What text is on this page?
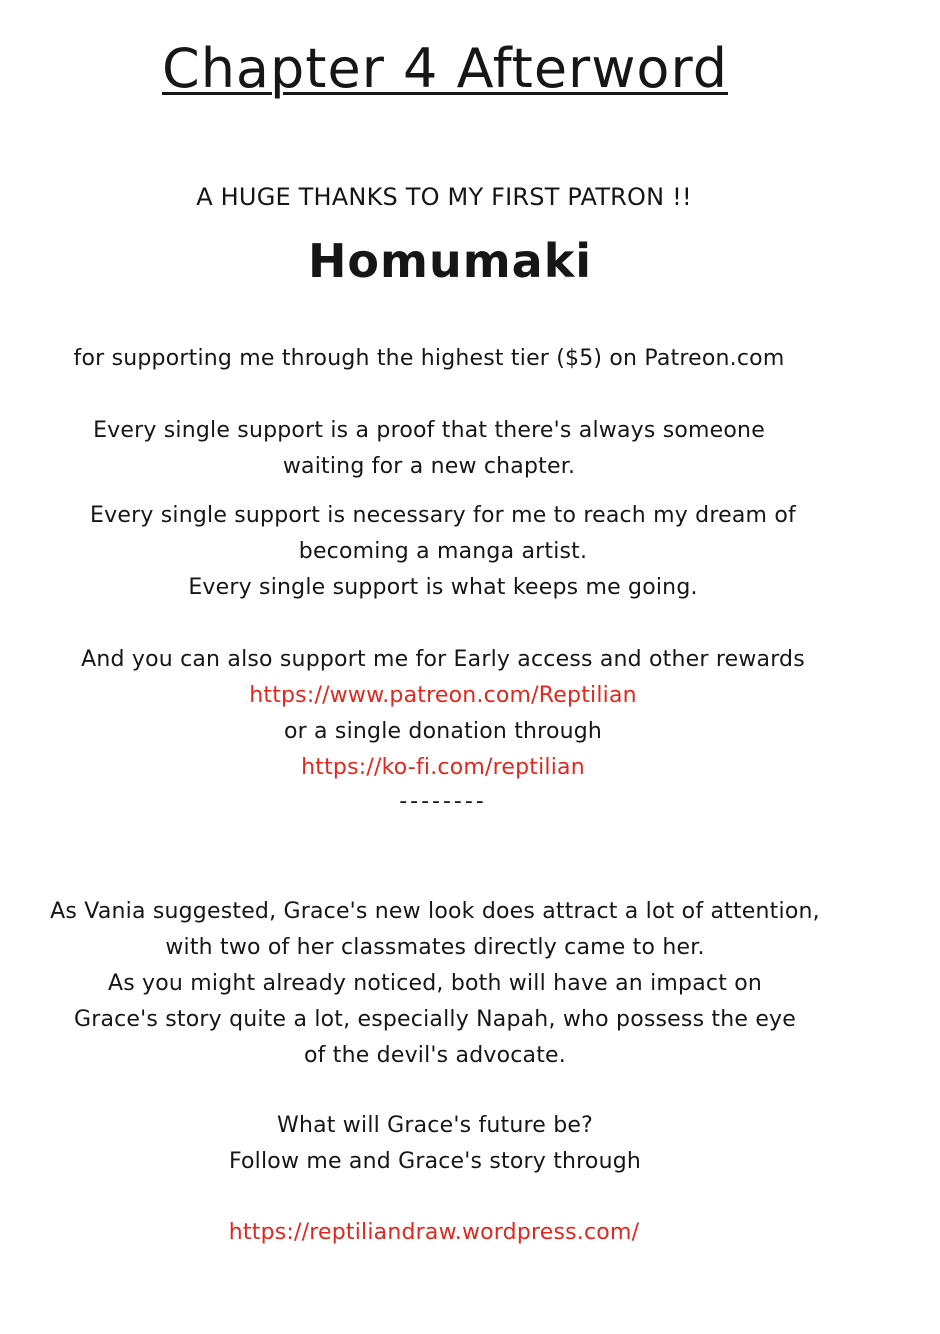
Chapter 4 Afterword
A HUGE THANKS TO MY FIRST PATRON !!
Homumaki
for supporting me through the highest tier ($5) on Patreon.com
Every single support is a proof that there's always someone
waiting for a new chapter.
Every single support is necessary for me to reach my dream of
becoming a manga artist.
Every single support is what keeps me going.
And you can also support me for Early access and other rewards
https://www.patreon.com/Reptilian
or a single donation through
https://ko-fi.com/reptilian
--------
As Vania suggested, Grace's new look does attract a lot of attention,
with two of her classmates directly came to her.
As you might already noticed, both will have an impact on
Grace's story quite a lot, especially Napah, who possess the eye
of the devil's advocate.
What will Grace's future be?
Follow me and Grace's story through
https://reptiliandraw.wordpress.com/
